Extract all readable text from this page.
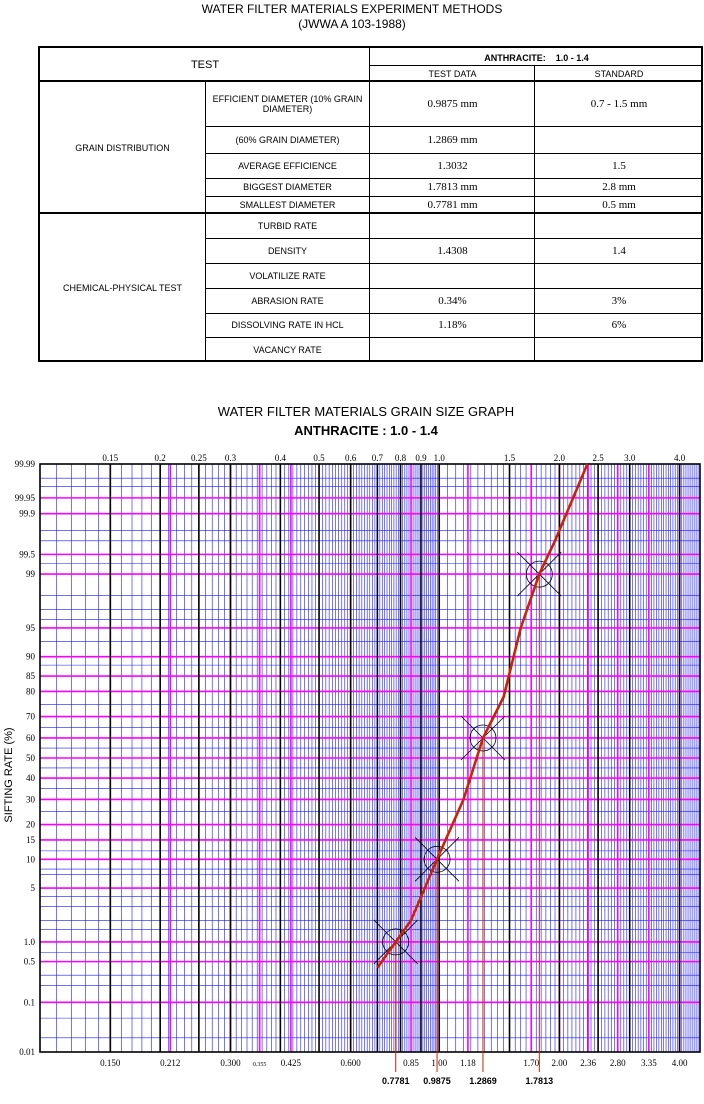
WATER FILTER MATERIALS EXPERIMENT METHODS
(JWWA A 103-1988)
TEST
ANTHRACITE:
1.0 - 1.4
TEST DATA	STANDARD
GRAIN DISTRIBUTION
CHEMICAL-PHYSICAL TEST
EFFICIENT DIAMETER (10% GRAIN DIAMETER)	0.9875 mm	0.7 - 1.5 mm
(60% GRAIN DIAMETER)	1.2869 mm
AVERAGE EFFICIENCE	1.3032	1.5
BIGGEST DIAMETER	1.7813 mm	2.8 mm
SMALLEST DIAMETER	0.7781 mm	0.5 mm
TURBID RATE
DENSITY	1.4308	1.4
VOLATILIZE RATE
ABRASION RATE	0.34%	3%
DISSOLVING RATE IN HCL	1.18%	6%
VACANCY RATE
WATER FILTER MATERIALS GRAIN SIZE GRAPH
ANTHRACITE : 1.0 - 1.4
SIFTING RATE (%)
0.15	0.2	0.25 0.3	0.4	0.5 0.6 0.7 0.8 0.9 1.0	1.5	2.0	2.5 3.0	4.0
0.150	0.212	0.300 0.355 0.425	0.600	0.85 1.00 1.18	1.70 2.00 2.36 2.80 3.35 4.00
99.99
99.95
99.9
99.5
99
95
90
85
80
70
60
50
40
30
20
15
10
5
1.0
0.5
0.1
0.01
0.7781 0.9875 1.2869	1.7813
